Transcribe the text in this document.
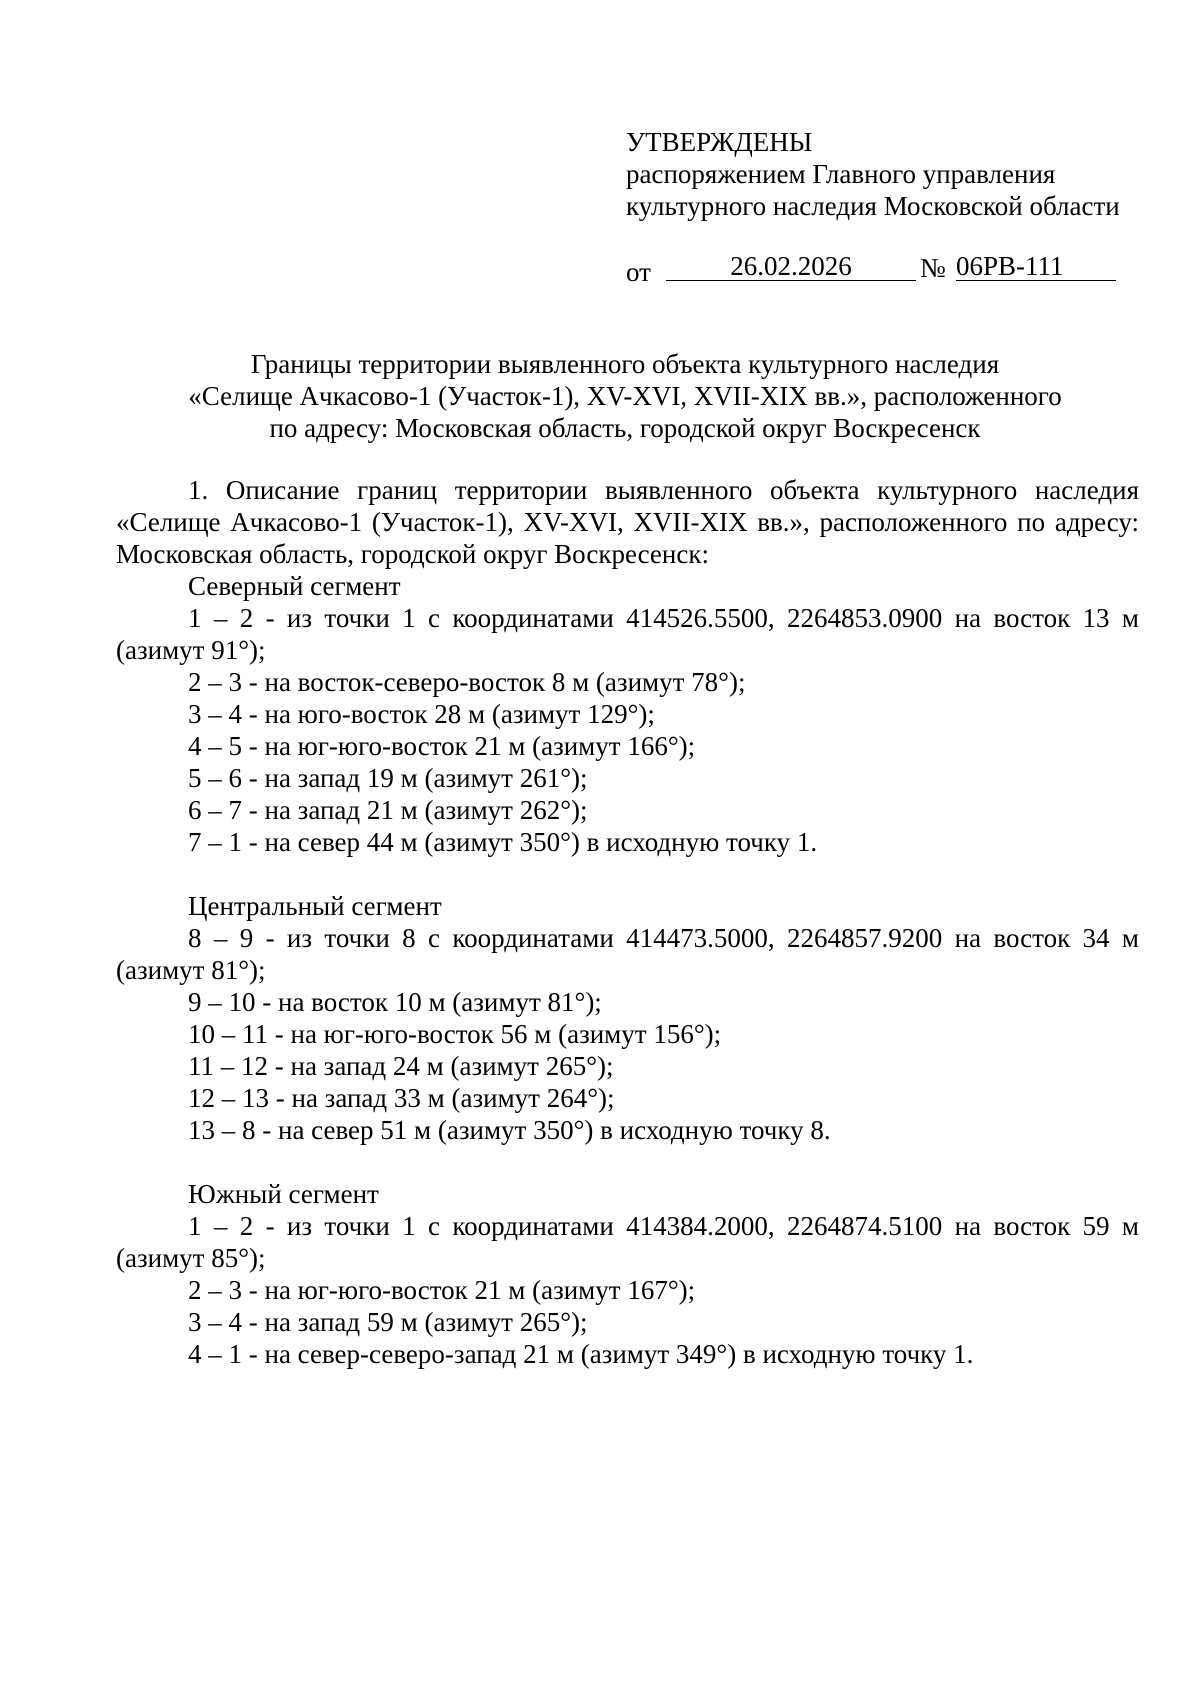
УТВЕРЖДЕНЫ
распоряжением Главного управления
культурного наследия Московской области
от	26.02.2026	№ 06РВ-111
Границы территории выявленного объекта культурного наследия
«Селище Ачкасово-1 (Участок-1), XV-XVI, XVII-XIX вв.», расположенного
по адресу: Московская область, городской округ Воскресенск

1. Описание границ территории выявленного объекта культурного наследия «Селище Ачкасово-1 (Участок-1), XV-XVI, XVII-XIX вв.», расположенного по адресу: Московская область, городской округ Воскресенск:

Северный сегмент

1 – 2 - из точки 1 с координатами 414526.5500, 2264853.0900 на восток 13 м (азимут 91°);

2 – 3 - на восток-северо-восток 8 м (азимут 78°);

3 – 4 - на юго-восток 28 м (азимут 129°);

4 – 5 - на юг-юго-восток 21 м (азимут 166°);

5 – 6 - на запад 19 м (азимут 261°);

6 – 7 - на запад 21 м (азимут 262°);

7 – 1 - на север 44 м (азимут 350°) в исходную точку 1.

Центральный сегмент

8 – 9 - из точки 8 с координатами 414473.5000, 2264857.9200 на восток 34 м (азимут 81°);

9 – 10 - на восток 10 м (азимут 81°);

10 – 11 - на юг-юго-восток 56 м (азимут 156°);

11 – 12 - на запад 24 м (азимут 265°);

12 – 13 - на запад 33 м (азимут 264°);

13 – 8 - на север 51 м (азимут 350°) в исходную точку 8.

Южный сегмент

1 – 2 - из точки 1 с координатами 414384.2000, 2264874.5100 на восток 59 м (азимут 85°);

2 – 3 - на юг-юго-восток 21 м (азимут 167°);

3 – 4 - на запад 59 м (азимут 265°);

4 – 1 - на север-северо-запад 21 м (азимут 349°) в исходную точку 1.
